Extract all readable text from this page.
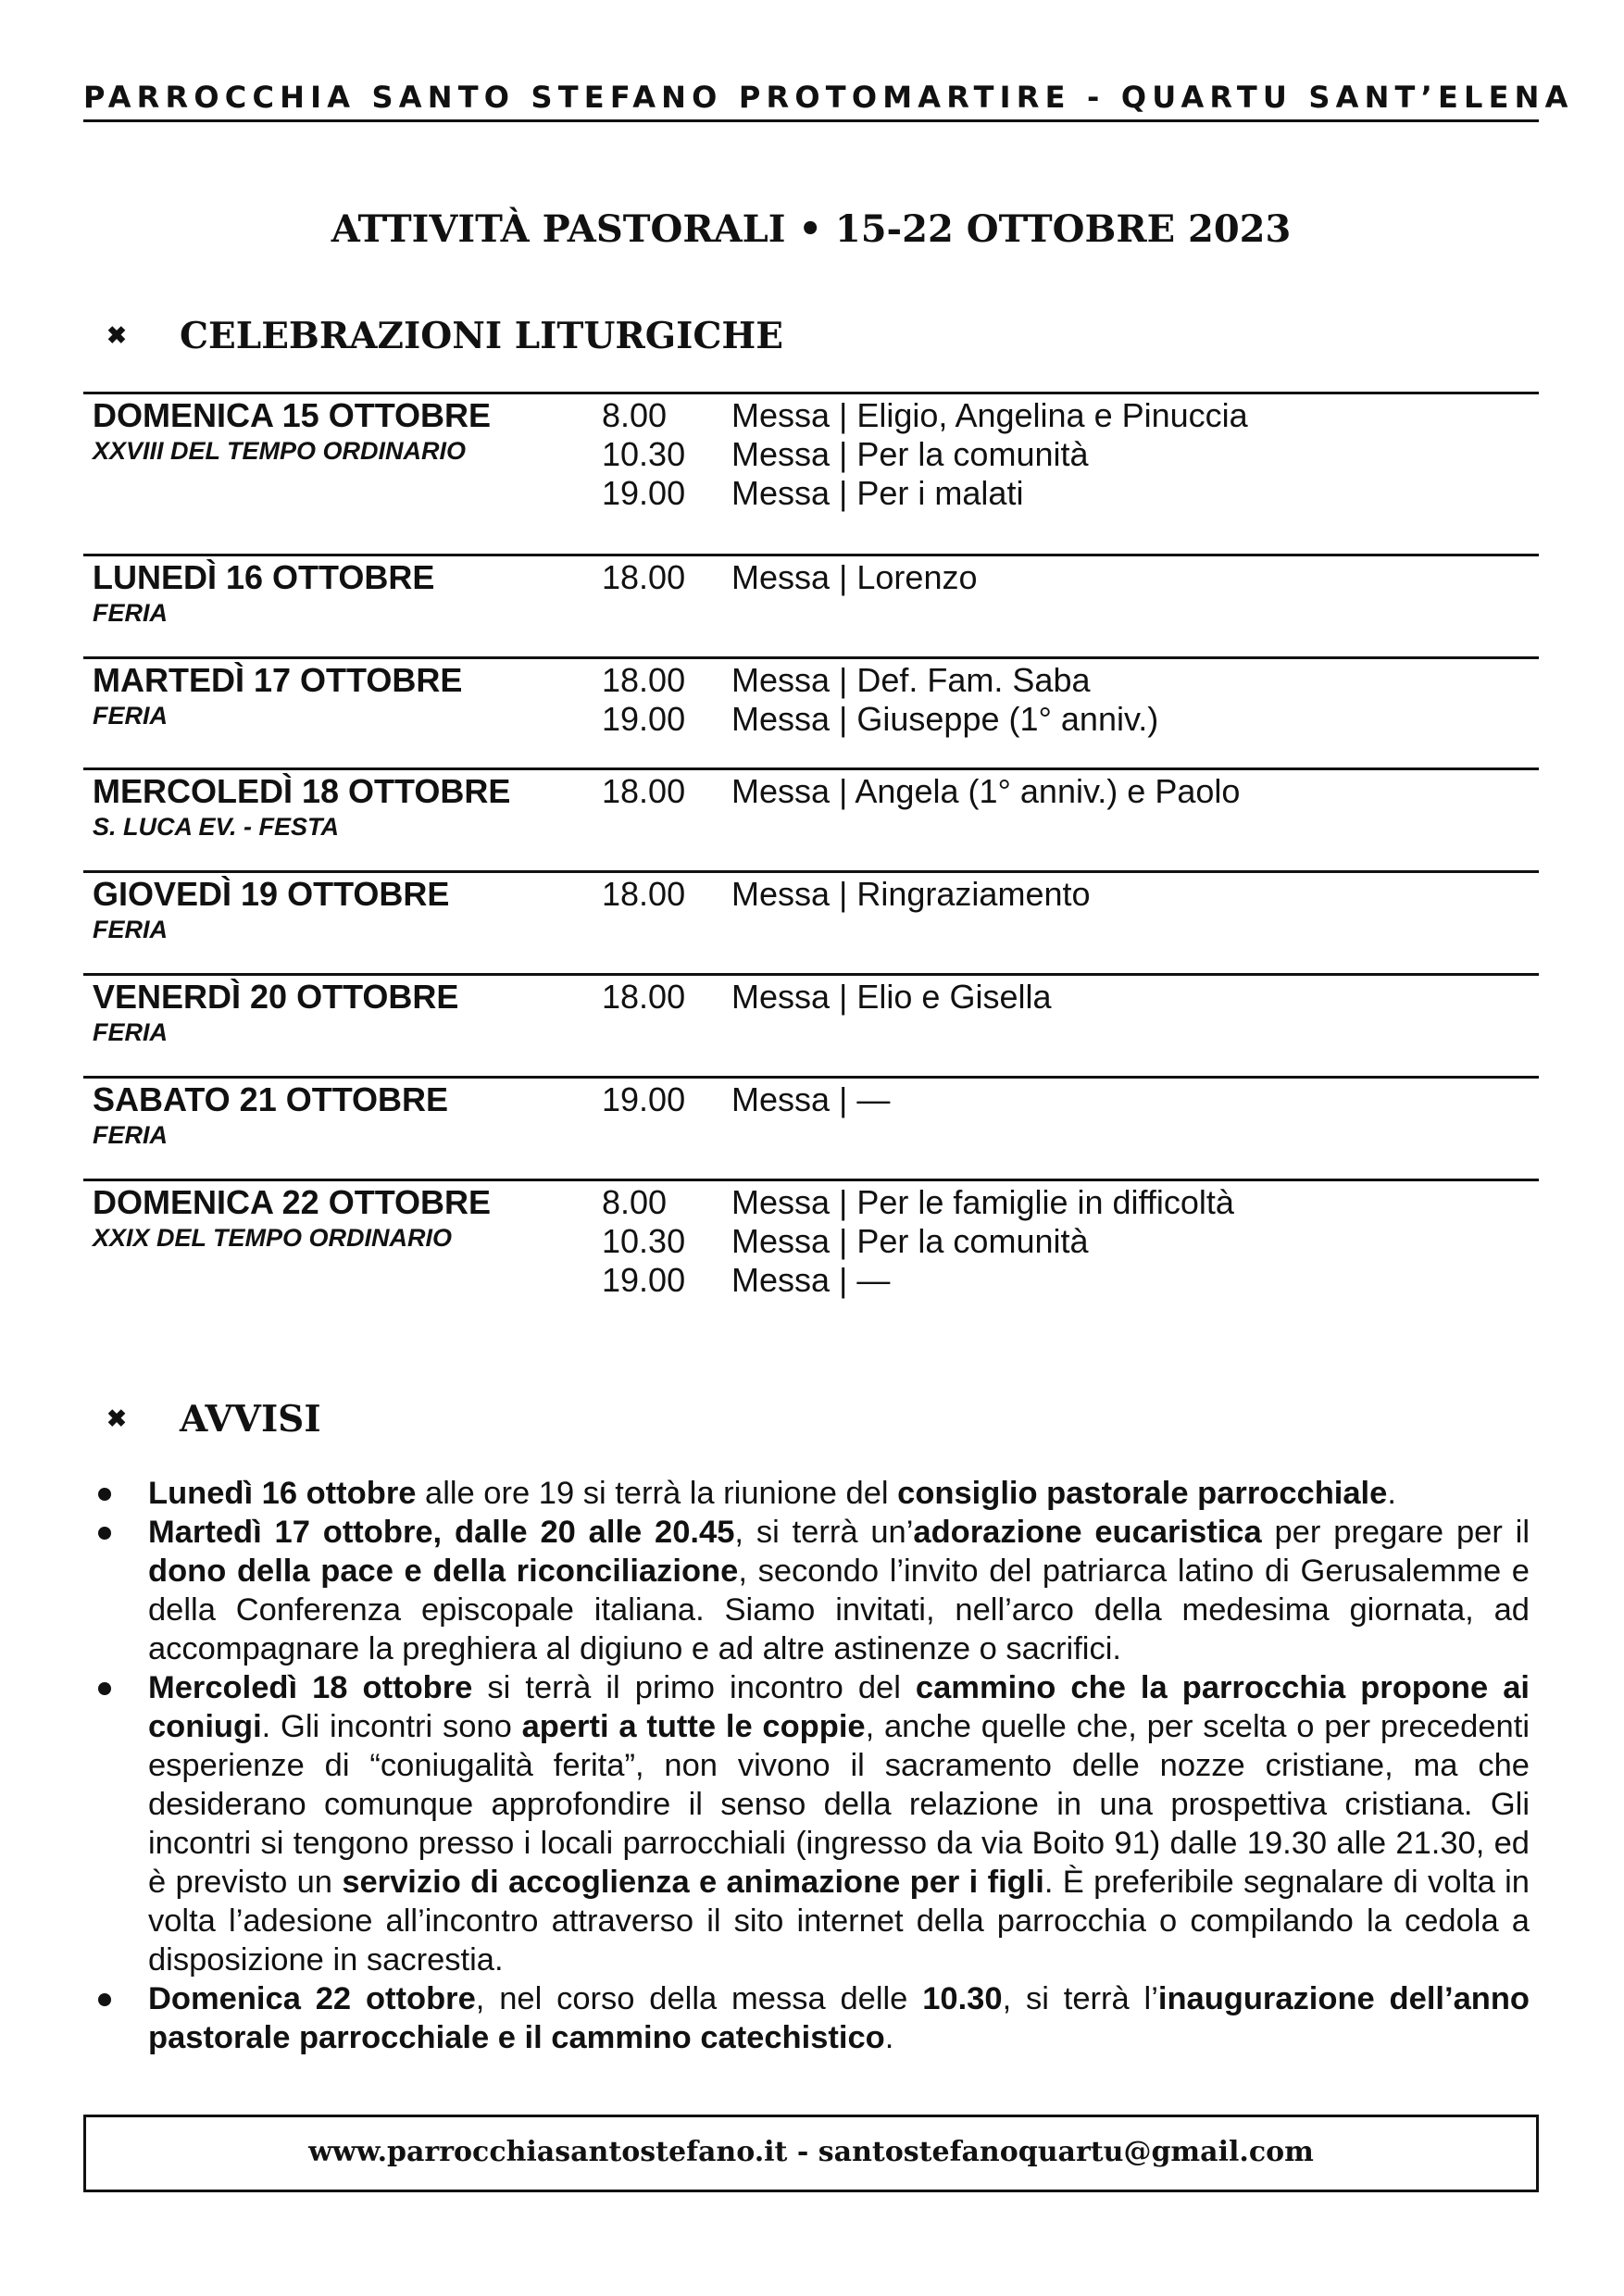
PARROCCHIA SANTO STEFANO PROTOMARTIRE - QUARTU SANT’ELENA
ATTIVITÀ PASTORALI • 15-22 OTTOBRE 2023
✖ CELEBRAZIONI LITURGICHE
DOMENICA 15 OTTOBRE
XXVIII DEL TEMPO ORDINARIO
8.00	Messa | Eligio, Angelina e Pinuccia
10.30	Messa | Per la comunità
19.00	Messa | Per i malati
LUNEDÌ 16 OTTOBRE
FERIA
18.00	Messa | Lorenzo
MARTEDÌ 17 OTTOBRE
FERIA
18.00	Messa | Def. Fam. Saba
19.00	Messa | Giuseppe (1° anniv.)
MERCOLEDÌ 18 OTTOBRE
S. LUCA EV. - FESTA
18.00	Messa | Angela (1° anniv.) e Paolo
GIOVEDÌ 19 OTTOBRE
FERIA
18.00	Messa | Ringraziamento
VENERDÌ 20 OTTOBRE
FERIA
18.00	Messa | Elio e Gisella
SABATO 21 OTTOBRE
FERIA
19.00	Messa | —
DOMENICA 22 OTTOBRE
XXIX DEL TEMPO ORDINARIO
8.00	Messa | Per le famiglie in difficoltà
10.30	Messa | Per la comunità
19.00	Messa | —
✖ AVVISI
Lunedì 16 ottobre alle ore 19 si terrà la riunione del consiglio pastorale parrocchiale.
Martedì 17 ottobre, dalle 20 alle 20.45, si terrà un’adorazione eucaristica per pregare per il dono della pace e della riconciliazione, secondo l’invito del patriarca latino di Gerusalemme e della Conferenza episcopale italiana. Siamo invitati, nell’arco della medesima giornata, ad accompagnare la preghiera al digiuno e ad altre astinenze o sacrifici.
Mercoledì 18 ottobre si terrà il primo incontro del cammino che la parrocchia propone ai coniugi. Gli incontri sono aperti a tutte le coppie, anche quelle che, per scelta o per precedenti esperienze di “coniugalità ferita”, non vivono il sacramento delle nozze cristiane, ma che desiderano comunque approfondire il senso della relazione in una prospettiva cristiana. Gli incontri si tengono presso i locali parrocchiali (ingresso da via Boito 91) dalle 19.30 alle 21.30, ed è previsto un servizio di accoglienza e animazione per i figli. È preferibile segnalare di volta in volta l’adesione all’incontro attraverso il sito internet della parrocchia o compilando la cedola a disposizione in sacrestia.
Domenica 22 ottobre, nel corso della messa delle 10.30, si terrà l’inaugurazione dell’anno pastorale parrocchiale e il cammino catechistico.
www.parrocchiasantostefano.it - santostefanoquartu@gmail.com
